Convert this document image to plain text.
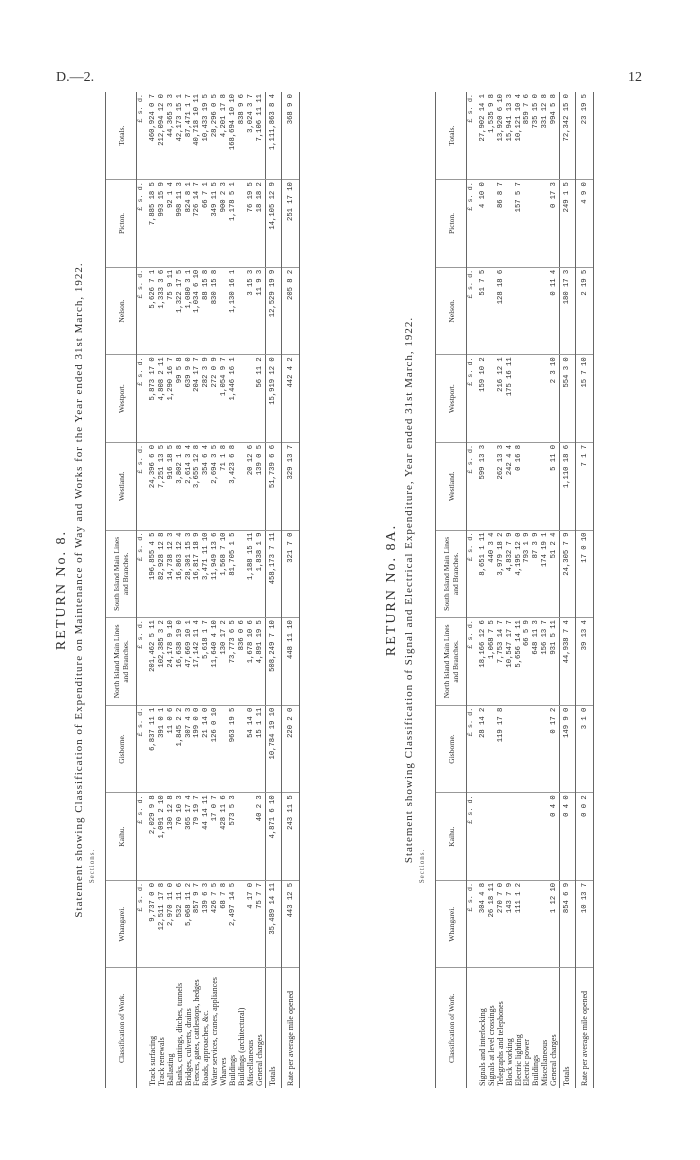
D.—2.	12
RETURN No. 8. Statement showing Classification of Expenditure on Maintenance of Way and Works for the Year ended 31st March, 1922. Sections.
Classification of Work.	Whangarei.	Kaihu.	Gisborne.	North Island Main Lines and Branches.	South Island Main Lines and Branches.	Westland.	Westport.	Nelson.	Picton.	Totals.
	£ s. d.	£ s. d.	£ s. d.	£ s. d.	£ s. d.	£ s. d.	£ s. d.	£ s. d.	£ s. d.	£ s. d.
Track surfacing	9,737 0 0	2,029 9 8	6,837 11 1	201,462 5 11	196,855 4 5	24,396 6 0	5,873 17 0	5,626 7 1	7,885 18 5	460,924 0 7
Track renewals	12,511 17 8	1,091 2 10	391 0 1	102,385 3 2	82,928 12 8	7,251 13 5	4,808 2 11	1,333 3 6	993 15 9	212,094 12 0
Ballasting	2,970 11 0	130 12 8	11 0 6	24,178 9 10	14,738 12 3	916 18 5	1,290 16 7	75 9 11	92 1 4	44,365 3 3
Banks, cuttings, ditches, tunnels	532 11 6	70 10 3	1,845 2 2	16,638 19 0	16,863 12 4	3,802 1 8	99 5 8	1,322 17 5	998 11 3	42,173 15 1
Bridges, culverts, drains	5,068 11 2	365 17 4	307 4 3	47,669 10 1	28,301 15 3	2,614 3 4	639 9 0	1,080 3 1	824 8 1	87,471 1 7
Fences, gates, cattlestops, hedges	857 9 7	79 19 7	199 0 0	17,142 11 4	16,817 18 9	3,655 12 8	204 17 7	1,034 6 10	726 14 7	40,718 10 11
Roads, approaches, &c.	139 6 3	44 14 11	21 14 0	5,618 1 7	3,471 11 10	354 6 4	282 3 9	88 15 8	66 7 1	10,433 19 5
Water services, cranes, appliances	426 7 5	17 0 7	126 0 10	11,640 4 10	11,949 13 6	2,694 3 5	272 0 9	830 15 8	349 11 5	28,296 0 5
Wharves	68 7 8	428 11 6		130 17 2	1,568 7 10	71 1 8	1,054 9 7		900 2 3	4,201 17 8
Buildings	2,497 14 5	573 5 3	963 19 5	73,773 6 5	81,705 1 5	3,423 6 8	1,446 16 1	1,130 16 1	1,178 5 1	168,694 10 10
Buildings (architectural)				836 0 6						838 9 6
Miscellaneous	4 17 0		54 14 0	1,678 10 6	1,188 15 11	20 12 6		3 15 3	76 19 5	3,024 3 7
General charges	75 7 7	40 2 3	15 1 11	4,891 19 5	1,838 1 9	139 0 5	56 11 2	11 9 3	18 18 2	7,106 11 11
Totals	35,489 14 11	4,871 6 10	10,784 19 10	508,249 7 10	458,173 7 11	51,739 6 6	15,919 12 0	12,529 19 9	14,105 12 9	1,111,863 8 4
Rate per average mile opened	443 12 5	243 11 5	220 2 0	448 11 10	321 7 0	329 13 7	442 4 2	205 8 2	251 17 10	368 9 0
RETURN No. 8A. Statement showing Classification of Signal and Electrical Expenditure, Year ended 31st March, 1922.
Sections.
Classification of Work.	Whangarei.	Kaihu.	Gisborne.	North Island Main Lines and Branches.	South Island Main Lines and Branches.	Westland.	Westport.	Nelson.	Picton.	Totals.
	£ s. d.	£ s. d.	£ s. d.	£ s. d.	£ s. d.	£ s. d.	£ s. d.	£ s. d.	£ s. d.	£ s. d.
Signals and interlocking	304 4 8		28 14 2	18,166 12 6	8,651 1 11	599 13 3	159 10 2	51 7 5	4 10 0	27,902 14 1
Signals at level crossings	26 18 11			1,068 7 5	440 3 4					1,535 9 8
Telegraphs and telephones	270 7 0		119 17 8	7,753 14 7	3,979 18 2	262 13 3	216 12 1	128 18 6	86 8 7	13,920 6 10
Block working	143 7 9			10,547 17 7	4,832 7 9	242 4 4	175 16 11			15,941 13 3
Electric lighting	111 1 2			5,656 14 11	4,195 12 0	0 16 8			157 5 7	10,121 10 4
Electric power				66 5 9	793 1 9					859 7 6
Buildings				648 11 3	87 3 9					735 15 0
Miscellaneous				156 13 7	174 19 1					331 12 8
General charges	1 12 10	0 4 0	0 17 2	931 5 11	51 2 4	5 11 0	2 3 10	0 11 4	0 17 3	994 5 8
Totals	854 6 9	0 4 0	149 9 0	44,938 7 4	24,305 7 9	1,110 18 6	554 3 0	180 17 3	249 1 5	72,342 15 0
Rate per average mile opened	10 13 7	0 0 2	3 1 0	39 13 4	17 0 10	7 1 7	15 7 10	2 19 5	4 9 0	23 19 5
